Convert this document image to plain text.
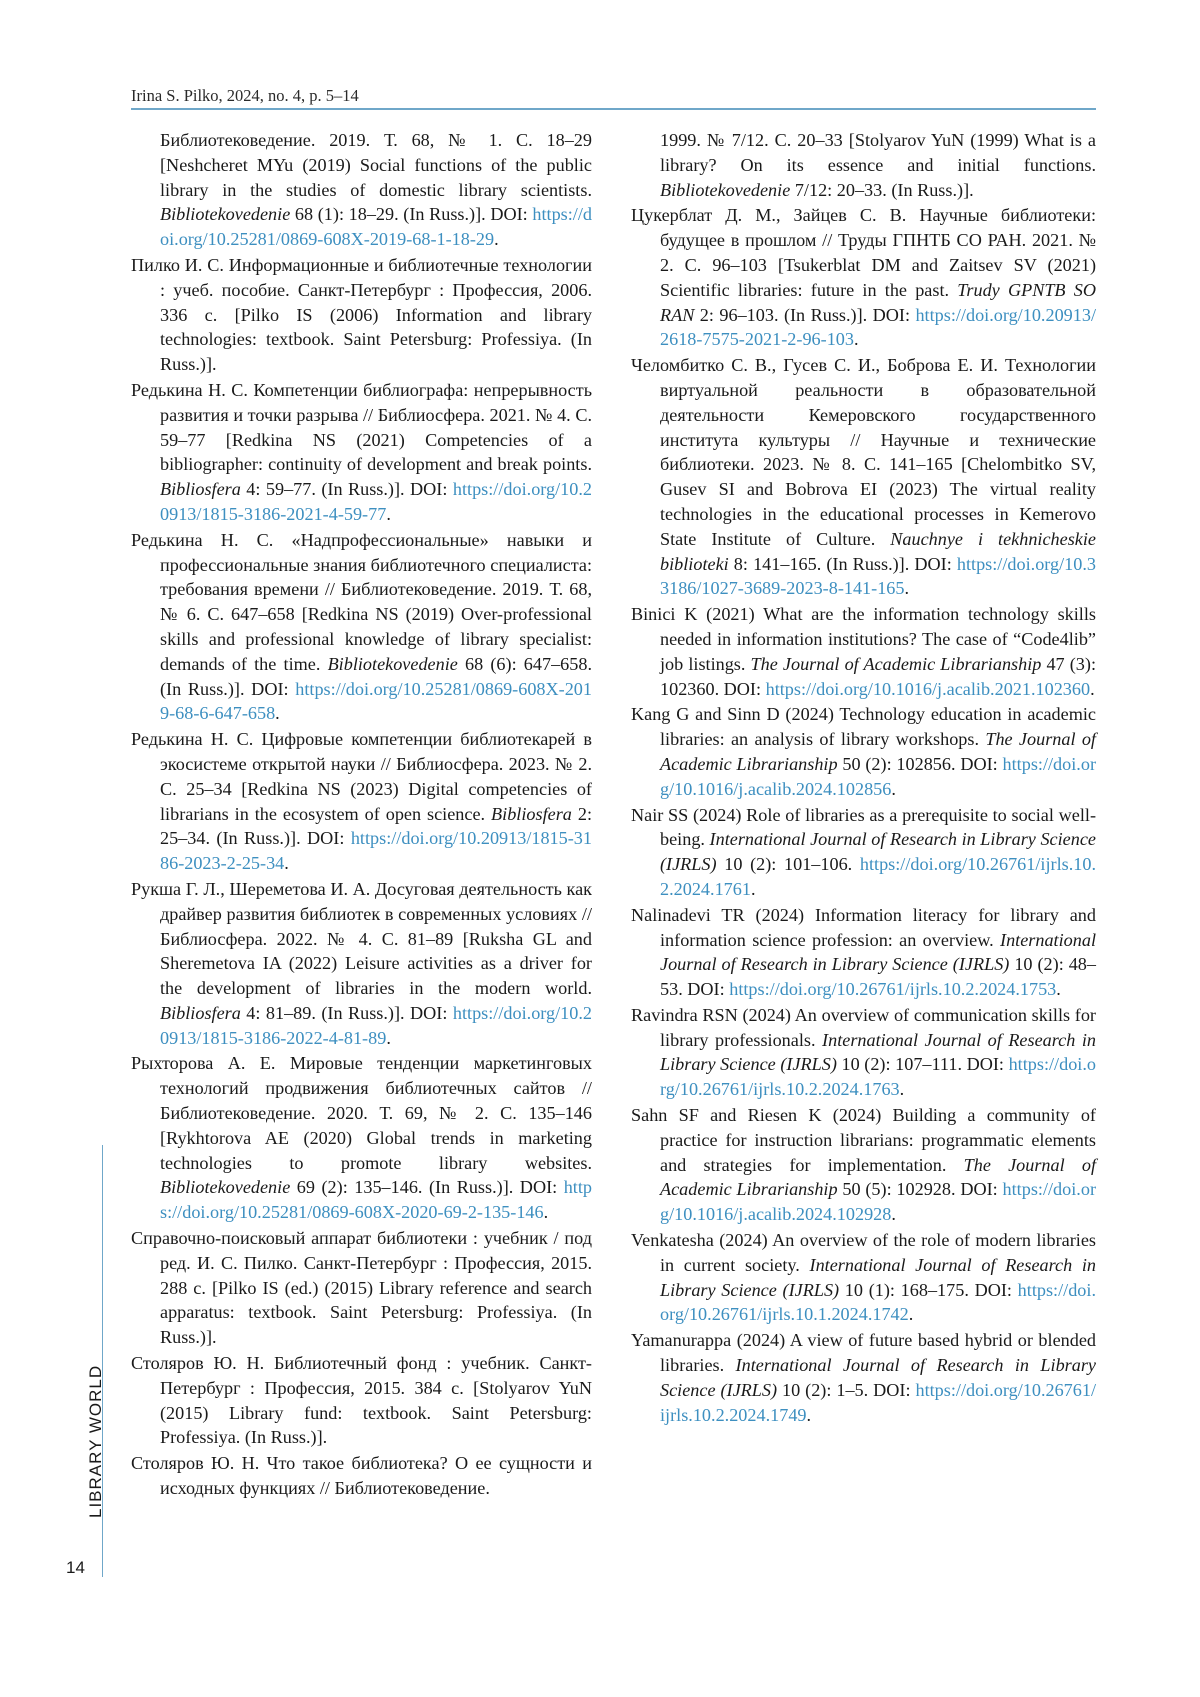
Irina S. Pilko, 2024, no. 4, p. 5–14

Библиотековедение. 2019. Т. 68, № 1. С. 18–29 [Neshcheret MYu (2019) Social functions of the public library in the studies of domestic library scientists. Bibliotekovedenie 68 (1): 18–29. (In Russ.)]. DOI: https://doi.org/10.25281/0869-608X-2019-68-1-18-29.

Пилко И. С. Информационные и библиотечные технологии : учеб. пособие. Санкт-Петербург : Профессия, 2006. 336 с. [Pilko IS (2006) Information and library technologies: textbook. Saint Petersburg: Professiya. (In Russ.)].

Редькина Н. С. Компетенции библиографа: непрерывность развития и точки разрыва // Библиосфера. 2021. № 4. С. 59–77 [Redkina NS (2021) Competencies of a bibliographer: continuity of development and break points. Bibliosfera 4: 59–77. (In Russ.)]. DOI: https://doi.org/10.20913/1815-3186-2021-4-59-77.

Редькина Н. С. «Надпрофессиональные» навыки и профессиональные знания библиотечного специалиста: требования времени // Библиотековедение. 2019. Т. 68, № 6. С. 647–658 [Redkina NS (2019) Over-professional skills and professional knowledge of library specialist: demands of the time. Bibliotekovedenie 68 (6): 647–658. (In Russ.)]. DOI: https://doi.org/10.25281/0869-608X-2019-68-6-647-658.

Редькина Н. С. Цифровые компетенции библиотекарей в экосистеме открытой науки // Библиосфера. 2023. № 2. С. 25–34 [Redkina NS (2023) Digital competencies of librarians in the ecosystem of open science. Bibliosfera 2: 25–34. (In Russ.)]. DOI: https://doi.org/10.20913/1815-3186-2023-2-25-34.

Рукша Г. Л., Шереметова И. А. Досуговая деятельность как драйвер развития библиотек в современных условиях // Библиосфера. 2022. № 4. С. 81–89 [Ruksha GL and Sheremetova IA (2022) Leisure activities as a driver for the development of libraries in the modern world. Bibliosfera 4: 81–89. (In Russ.)]. DOI: https://doi.org/10.20913/1815-3186-2022-4-81-89.

Рыхторова А. Е. Мировые тенденции маркетинговых технологий продвижения библиотечных сайтов // Библиотековедение. 2020. Т. 69, № 2. С. 135–146 [Rykhtorova AE (2020) Global trends in marketing technologies to promote library websites. Bibliotekovedenie 69 (2): 135–146. (In Russ.)]. DOI: https://doi.org/10.25281/0869-608X-2020-69-2-135-146.

Справочно-поисковый аппарат библиотеки : учебник / под ред. И. С. Пилко. Санкт-Петербург : Профессия, 2015. 288 с. [Pilko IS (ed.) (2015) Library reference and search apparatus: textbook. Saint Petersburg: Professiya. (In Russ.)].

Столяров Ю. Н. Библиотечный фонд : учебник. Санкт-Петербург : Профессия, 2015. 384 с. [Stolyarov YuN (2015) Library fund: textbook. Saint Petersburg: Professiya. (In Russ.)].

Столяров Ю. Н. Что такое библиотека? О ее сущности и исходных функциях // Библиотековедение.

1999. № 7/12. С. 20–33 [Stolyarov YuN (1999) What is a library? On its essence and initial functions. Bibliotekovedenie 7/12: 20–33. (In Russ.)].

Цукерблат Д. М., Зайцев С. В. Научные библиотеки: будущее в прошлом // Труды ГПНТБ СО РАН. 2021. № 2. С. 96–103 [Tsukerblat DM and Zaitsev SV (2021) Scientific libraries: future in the past. Trudy GPNTB SO RAN 2: 96–103. (In Russ.)]. DOI: https://doi.org/10.20913/2618-7575-2021-2-96-103.

Челомбитко С. В., Гусев С. И., Боброва Е. И. Технологии виртуальной реальности в образовательной деятельности Кемеровского государственного института культуры // Научные и технические библиотеки. 2023. № 8. С. 141–165 [Chelombitko SV, Gusev SI and Bobrova EI (2023) The virtual reality technologies in the educational processes in Kemerovo State Institute of Culture. Nauchnye i tekhnicheskie biblioteki 8: 141–165. (In Russ.)]. DOI: https://doi.org/10.33186/1027-3689-2023-8-141-165.

Binici K (2021) What are the information technology skills needed in information institutions? The case of “Code4lib” job listings. The Journal of Academic Librarianship 47 (3): 102360. DOI: https://doi.org/10.1016/j.acalib.2021.102360.

Kang G and Sinn D (2024) Technology education in academic libraries: an analysis of library workshops. The Journal of Academic Librarianship 50 (2): 102856. DOI: https://doi.org/10.1016/j.acalib.2024.102856.

Nair SS (2024) Role of libraries as a prerequisite to social well-being. International Journal of Research in Library Science (IJRLS) 10 (2): 101–106. https://doi.org/10.26761/ijrls.10.2.2024.1761.

Nalinadevi TR (2024) Information literacy for library and information science profession: an overview. International Journal of Research in Library Science (IJRLS) 10 (2): 48–53. DOI: https://doi.org/10.26761/ijrls.10.2.2024.1753.

Ravindra RSN (2024) An overview of communication skills for library professionals. International Journal of Research in Library Science (IJRLS) 10 (2): 107–111. DOI: https://doi.org/10.26761/ijrls.10.2.2024.1763.

Sahn SF and Riesen K (2024) Building a community of practice for instruction librarians: programmatic elements and strategies for implementation. The Journal of Academic Librarianship 50 (5): 102928. DOI: https://doi.org/10.1016/j.acalib.2024.102928.

Venkatesha (2024) An overview of the role of modern libraries in current society. International Journal of Research in Library Science (IJRLS) 10 (1): 168–175. DOI: https://doi.org/10.26761/ijrls.10.1.2024.1742.

Yamanurappa (2024) A view of future based hybrid or blended libraries. International Journal of Research in Library Science (IJRLS) 10 (2): 1–5. DOI: https://doi.org/10.26761/ijrls.10.2.2024.1749.

LIBRARY WORLD
14
